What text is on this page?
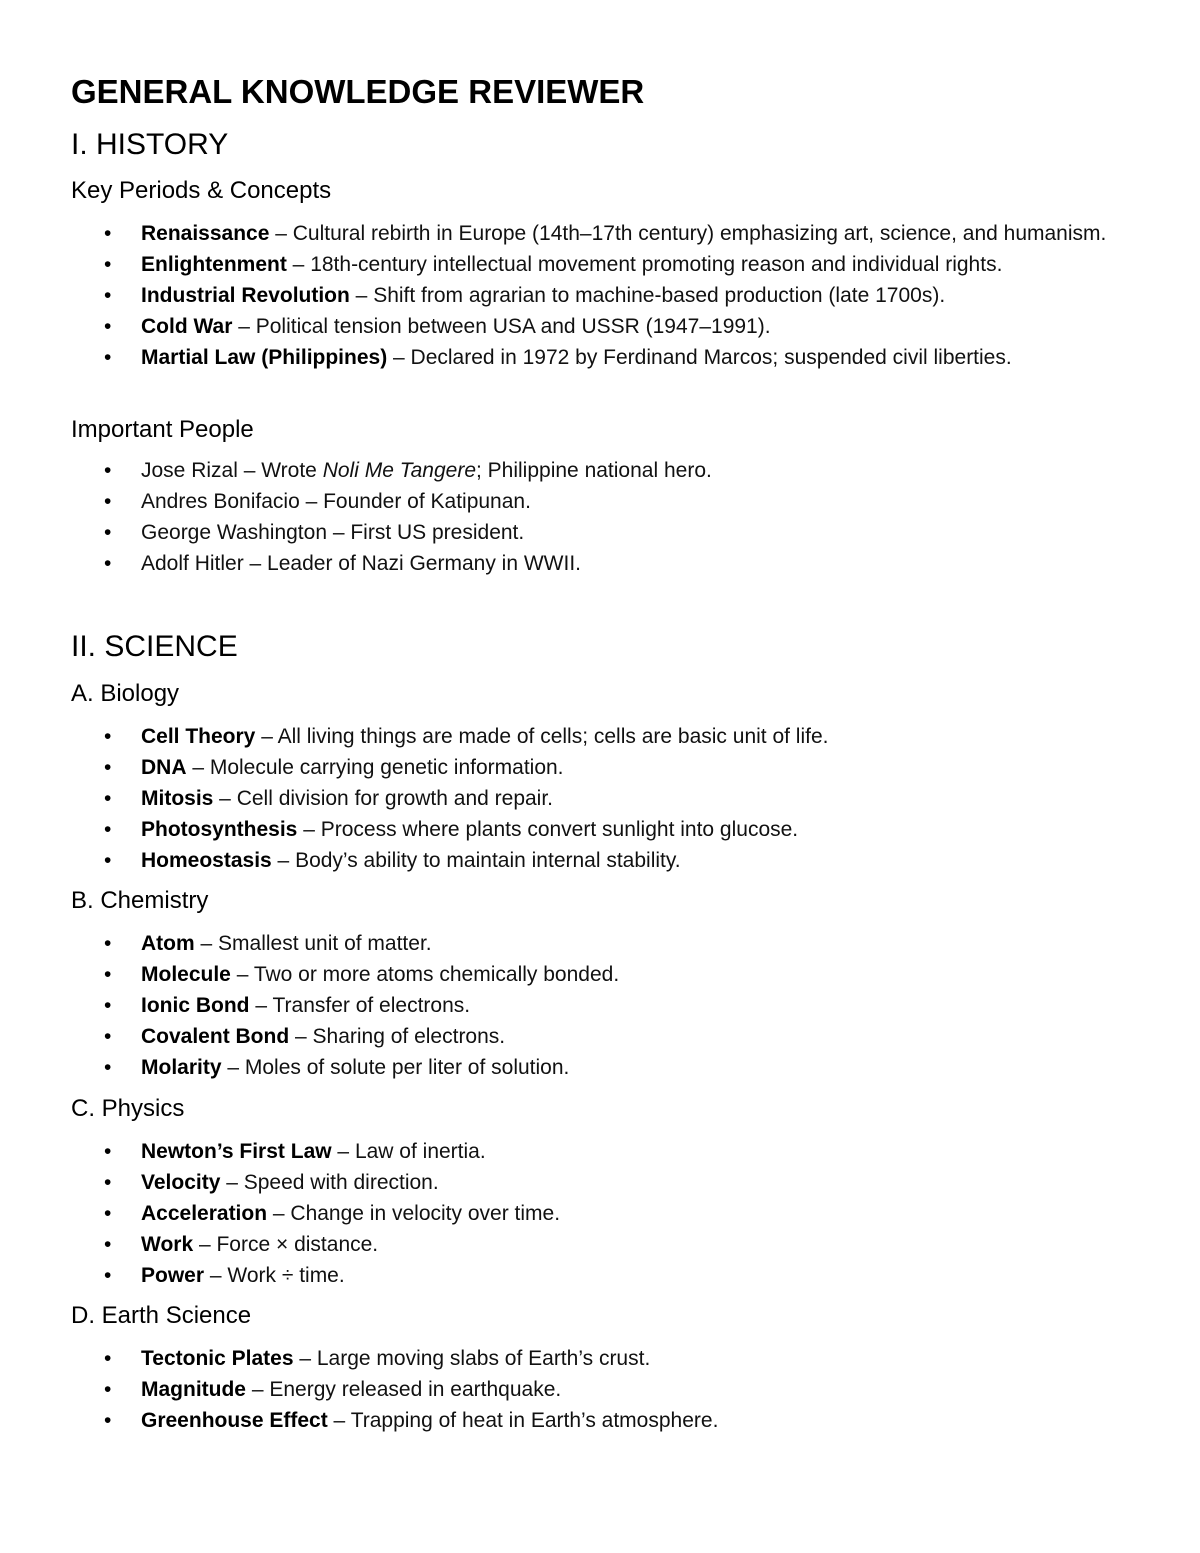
GENERAL KNOWLEDGE REVIEWER
I. HISTORY
Key Periods & Concepts
• Renaissance – Cultural rebirth in Europe (14th–17th century) emphasizing art, science, and humanism.
• Enlightenment – 18th-century intellectual movement promoting reason and individual rights.
• Industrial Revolution – Shift from agrarian to machine-based production (late 1700s).
• Cold War – Political tension between USA and USSR (1947–1991).
• Martial Law (Philippines) – Declared in 1972 by Ferdinand Marcos; suspended civil liberties.
Important People
• Jose Rizal – Wrote Noli Me Tangere; Philippine national hero.
• Andres Bonifacio – Founder of Katipunan.
• George Washington – First US president.
• Adolf Hitler – Leader of Nazi Germany in WWII.
II. SCIENCE
A. Biology
• Cell Theory – All living things are made of cells; cells are basic unit of life.
• DNA – Molecule carrying genetic information.
• Mitosis – Cell division for growth and repair.
• Photosynthesis – Process where plants convert sunlight into glucose.
• Homeostasis – Body’s ability to maintain internal stability.
B. Chemistry
• Atom – Smallest unit of matter.
• Molecule – Two or more atoms chemically bonded.
• Ionic Bond – Transfer of electrons.
• Covalent Bond – Sharing of electrons.
• Molarity – Moles of solute per liter of solution.
C. Physics
• Newton’s First Law – Law of inertia.
• Velocity – Speed with direction.
• Acceleration – Change in velocity over time.
• Work – Force × distance.
• Power – Work ÷ time.
D. Earth Science
• Tectonic Plates – Large moving slabs of Earth’s crust.
• Magnitude – Energy released in earthquake.
• Greenhouse Effect – Trapping of heat in Earth’s atmosphere.
